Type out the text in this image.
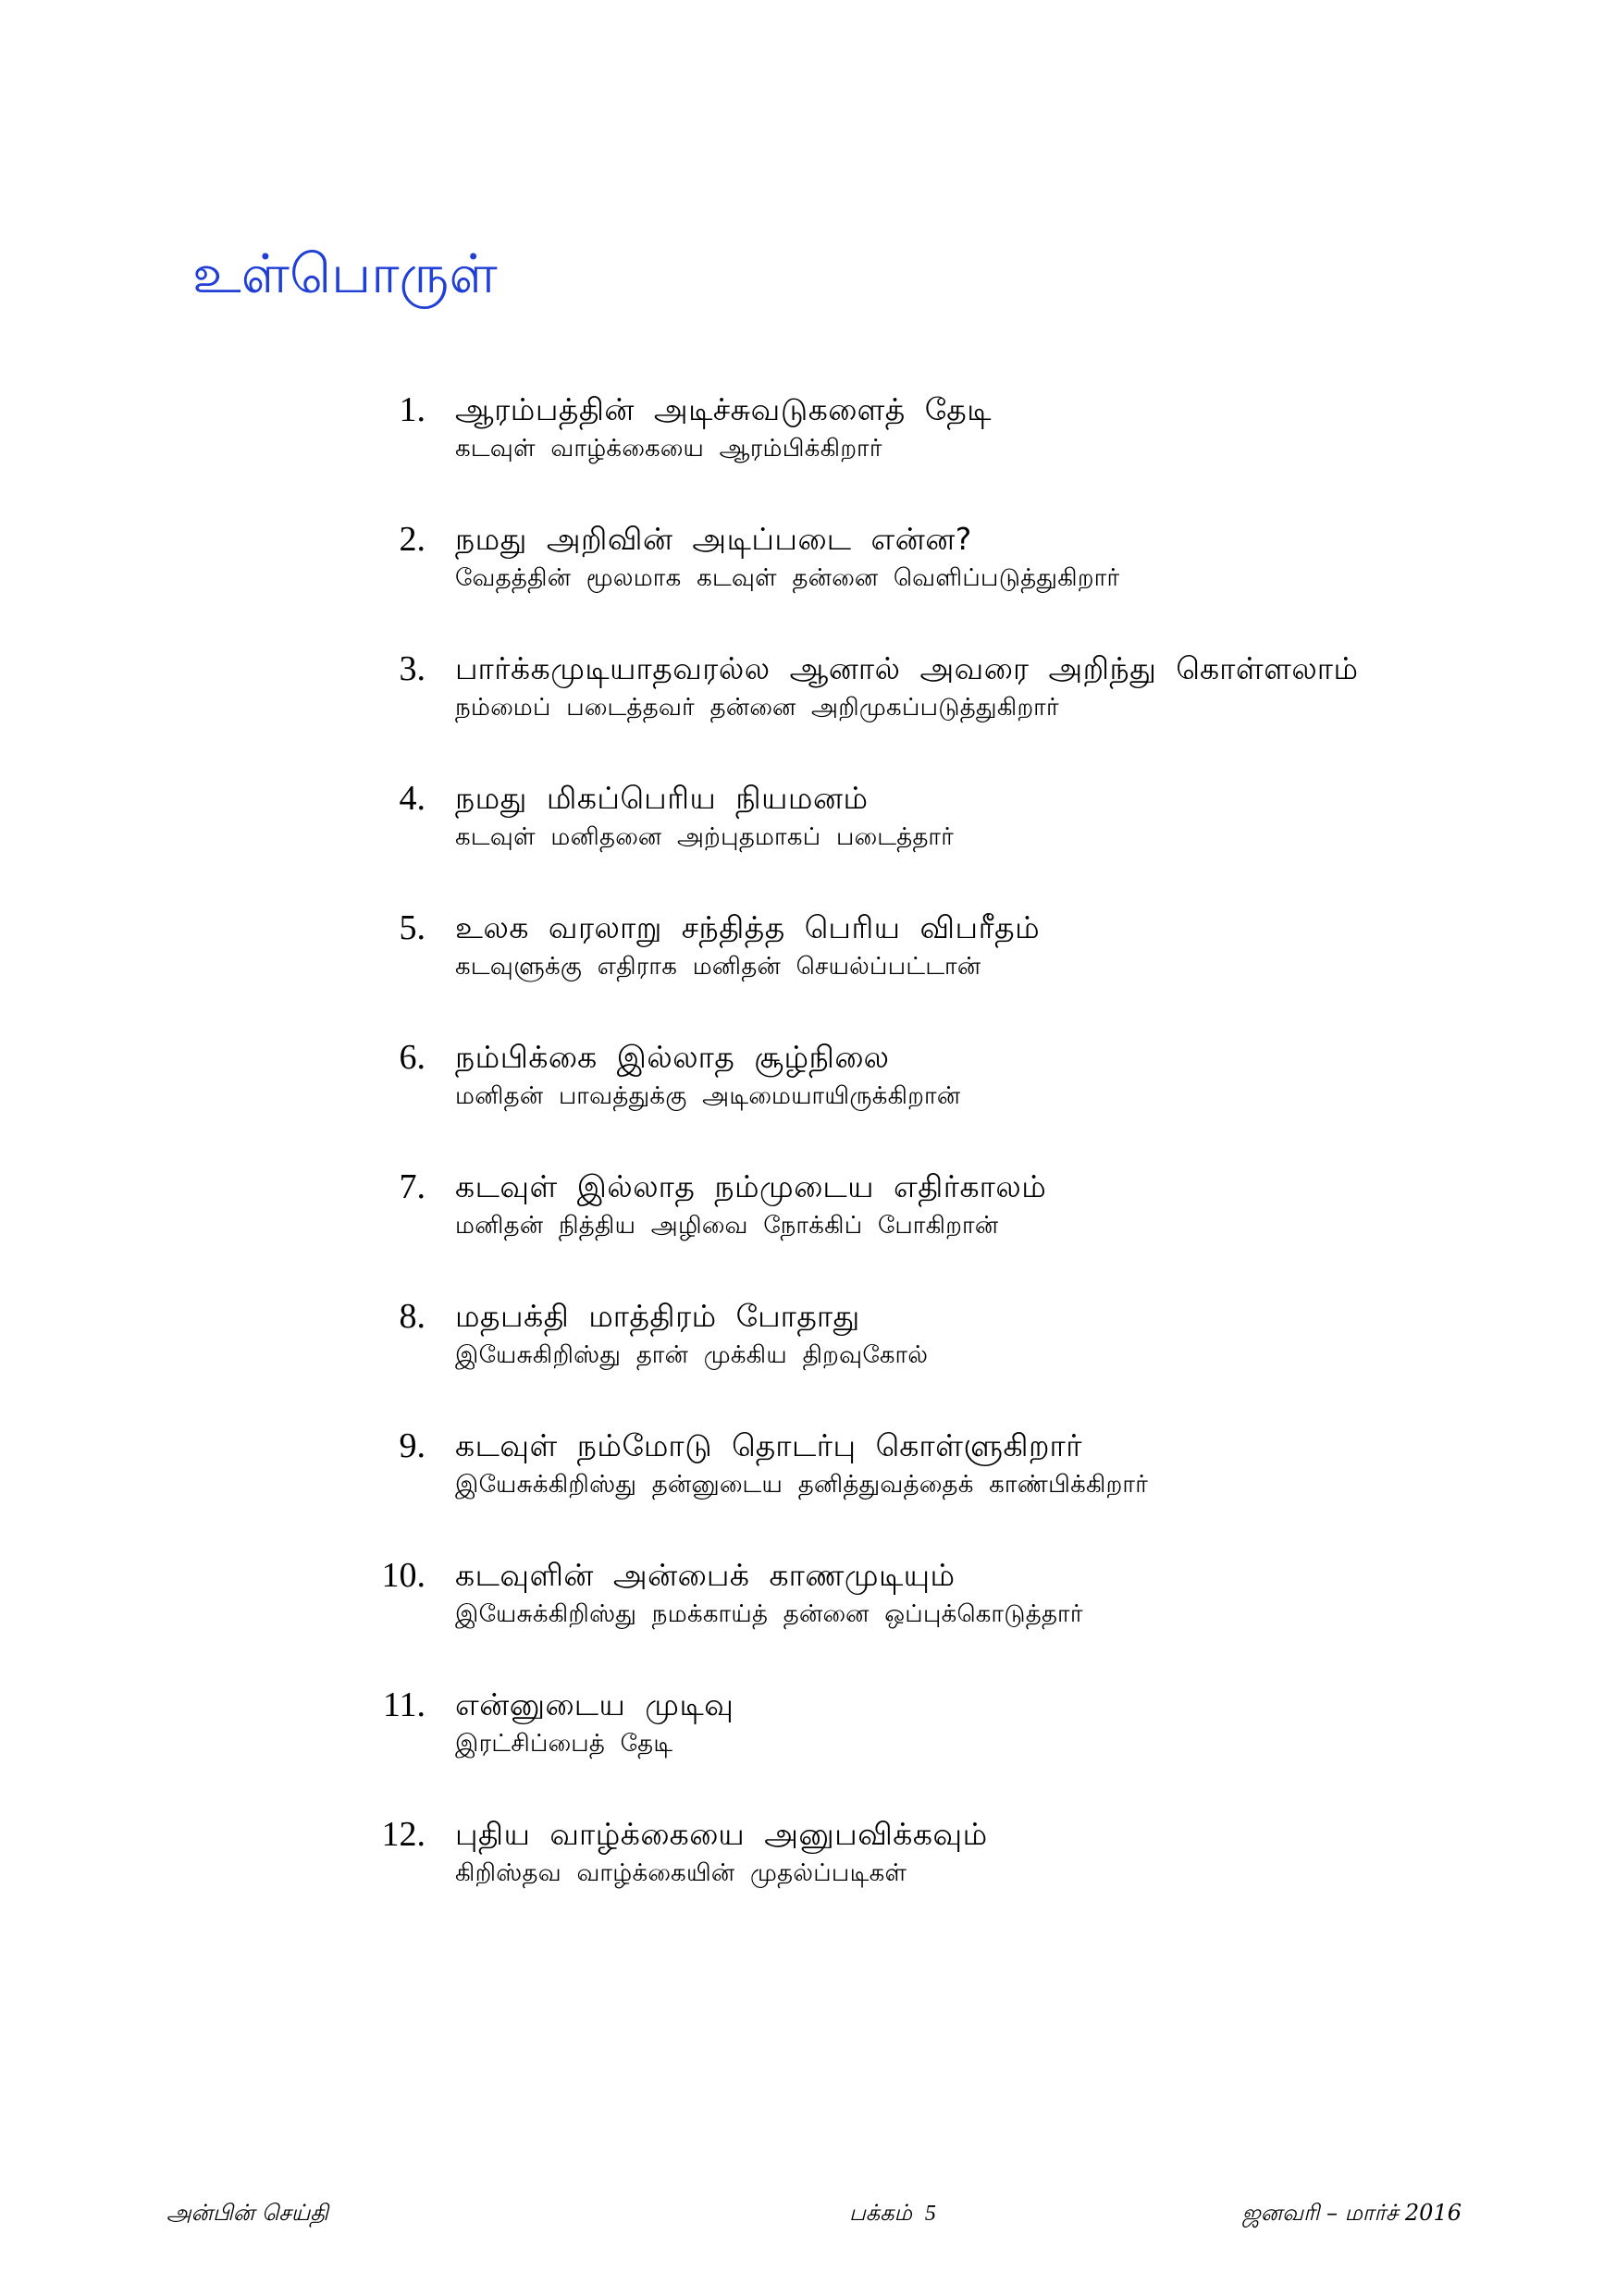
உள்பொருள்
1. ஆரம்பத்தின் அடிச்சுவடுகளைத் தேடி
கடவுள் வாழ்க்கையை ஆரம்பிக்கிறார்
2. நமது அறிவின் அடிப்படை என்ன?
வேதத்தின் மூலமாக கடவுள் தன்னை வெளிப்படுத்துகிறார்
3. பார்க்கமுடியாதவரல்ல ஆனால் அவரை அறிந்து கொள்ளலாம்
நம்மைப் படைத்தவர் தன்னை அறிமுகப்படுத்துகிறார்
4. நமது மிகப்பெரிய நியமனம்
கடவுள் மனிதனை அற்புதமாகப் படைத்தார்
5. உலக வரலாறு சந்தித்த பெரிய விபரீதம்
கடவுளுக்கு எதிராக மனிதன் செயல்ப்பட்டான்
6. நம்பிக்கை இல்லாத சூழ்நிலை
மனிதன் பாவத்துக்கு அடிமையாயிருக்கிறான்
7. கடவுள் இல்லாத நம்முடைய எதிர்காலம்
மனிதன் நித்திய அழிவை நோக்கிப் போகிறான்
8. மதபக்தி மாத்திரம் போதாது
இயேசுகிறிஸ்து தான் முக்கிய திறவுகோல்
9. கடவுள் நம்மோடு தொடர்பு கொள்ளுகிறார்
இயேசுக்கிறிஸ்து தன்னுடைய தனித்துவத்தைக் காண்பிக்கிறார்
10. கடவுளின் அன்பைக் காணமுடியும்
இயேசுக்கிறிஸ்து நமக்காய்த் தன்னை ஒப்புக்கொடுத்தார்
11. என்னுடைய முடிவு
இரட்சிப்பைத் தேடி
12. புதிய வாழ்க்கையை அனுபவிக்கவும்
கிறிஸ்தவ வாழ்க்கையின் முதல்ப்படிகள்
அன்பின் செய்தி	பக்கம் 5	ஜனவரி – மார்ச் 2016
